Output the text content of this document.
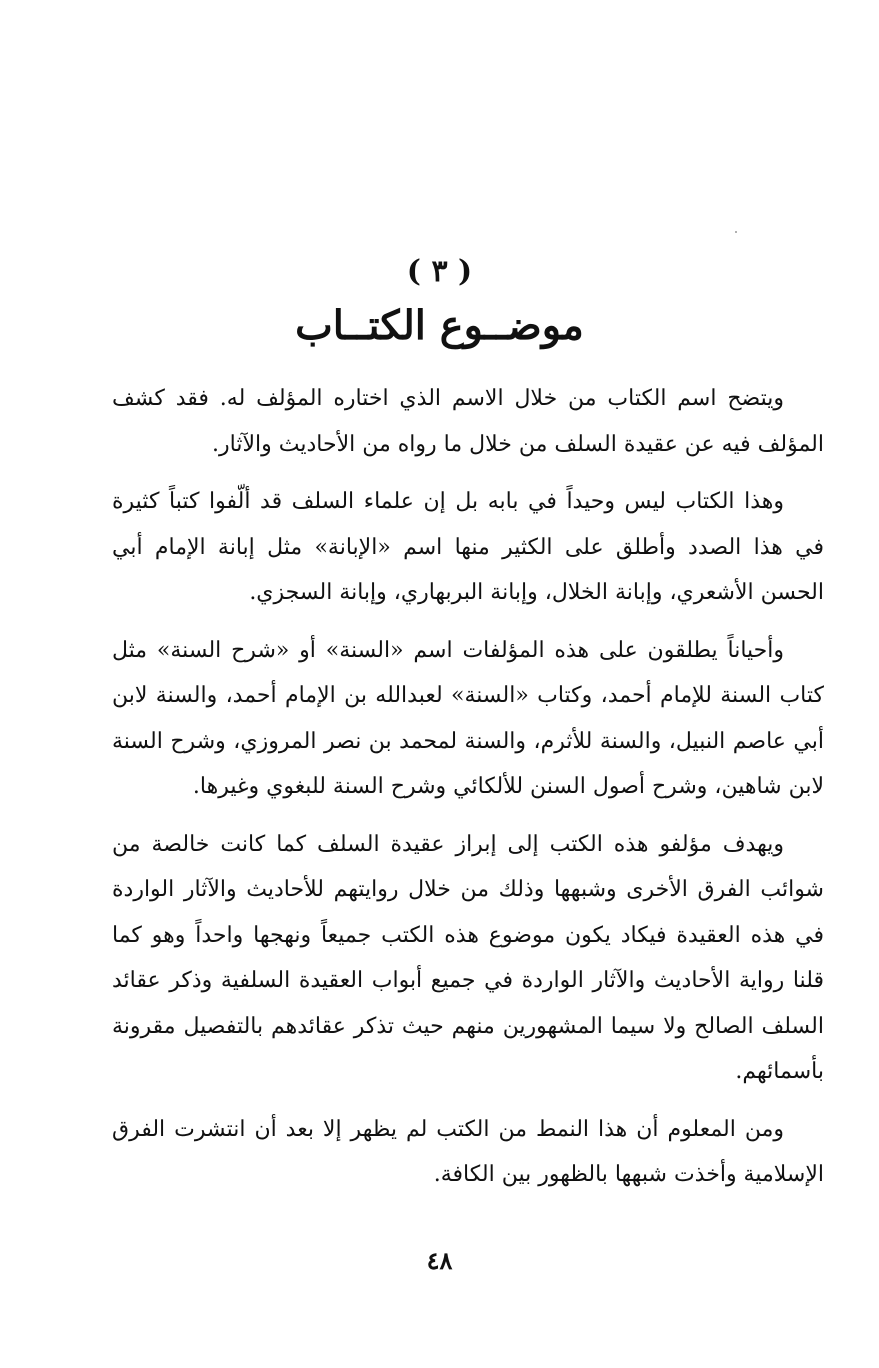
( ٣ )
موضــوع الكتــاب

ويتضح اسم الكتاب من خلال الاسم الذي اختاره المؤلف له. فقد كشف المؤلف فيه عن عقيدة السلف من خلال ما رواه من الأحاديث والآثار.

وهذا الكتاب ليس وحيداً في بابه بل إن علماء السلف قد ألّفوا كتباً كثيرة في هذا الصدد وأطلق على الكثير منها اسم «الإبانة» مثل إبانة الإمام أبي الحسن الأشعري، وإبانة الخلال، وإبانة البربهاري، وإبانة السجزي.

وأحياناً يطلقون على هذه المؤلفات اسم «السنة» أو «شرح السنة» مثل كتاب السنة للإمام أحمد، وكتاب «السنة» لعبدالله بن الإمام أحمد، والسنة لابن أبي عاصم النبيل، والسنة للأثرم، والسنة لمحمد بن نصر المروزي، وشرح السنة لابن شاهين، وشرح أصول السنن للألكائي وشرح السنة للبغوي وغيرها.

ويهدف مؤلفو هذه الكتب إلى إبراز عقيدة السلف كما كانت خالصة من شوائب الفرق الأخرى وشبهها وذلك من خلال روايتهم للأحاديث والآثار الواردة في هذه العقيدة فيكاد يكون موضوع هذه الكتب جميعاً ونهجها واحداً وهو كما قلنا رواية الأحاديث والآثار الواردة في جميع أبواب العقيدة السلفية وذكر عقائد السلف الصالح ولا سيما المشهورين منهم حيث تذكر عقائدهم بالتفصيل مقرونة بأسمائهم.

ومن المعلوم أن هذا النمط من الكتب لم يظهر إلا بعد أن انتشرت الفرق الإسلامية وأخذت شبهها بالظهور بين الكافة.

٤٨
